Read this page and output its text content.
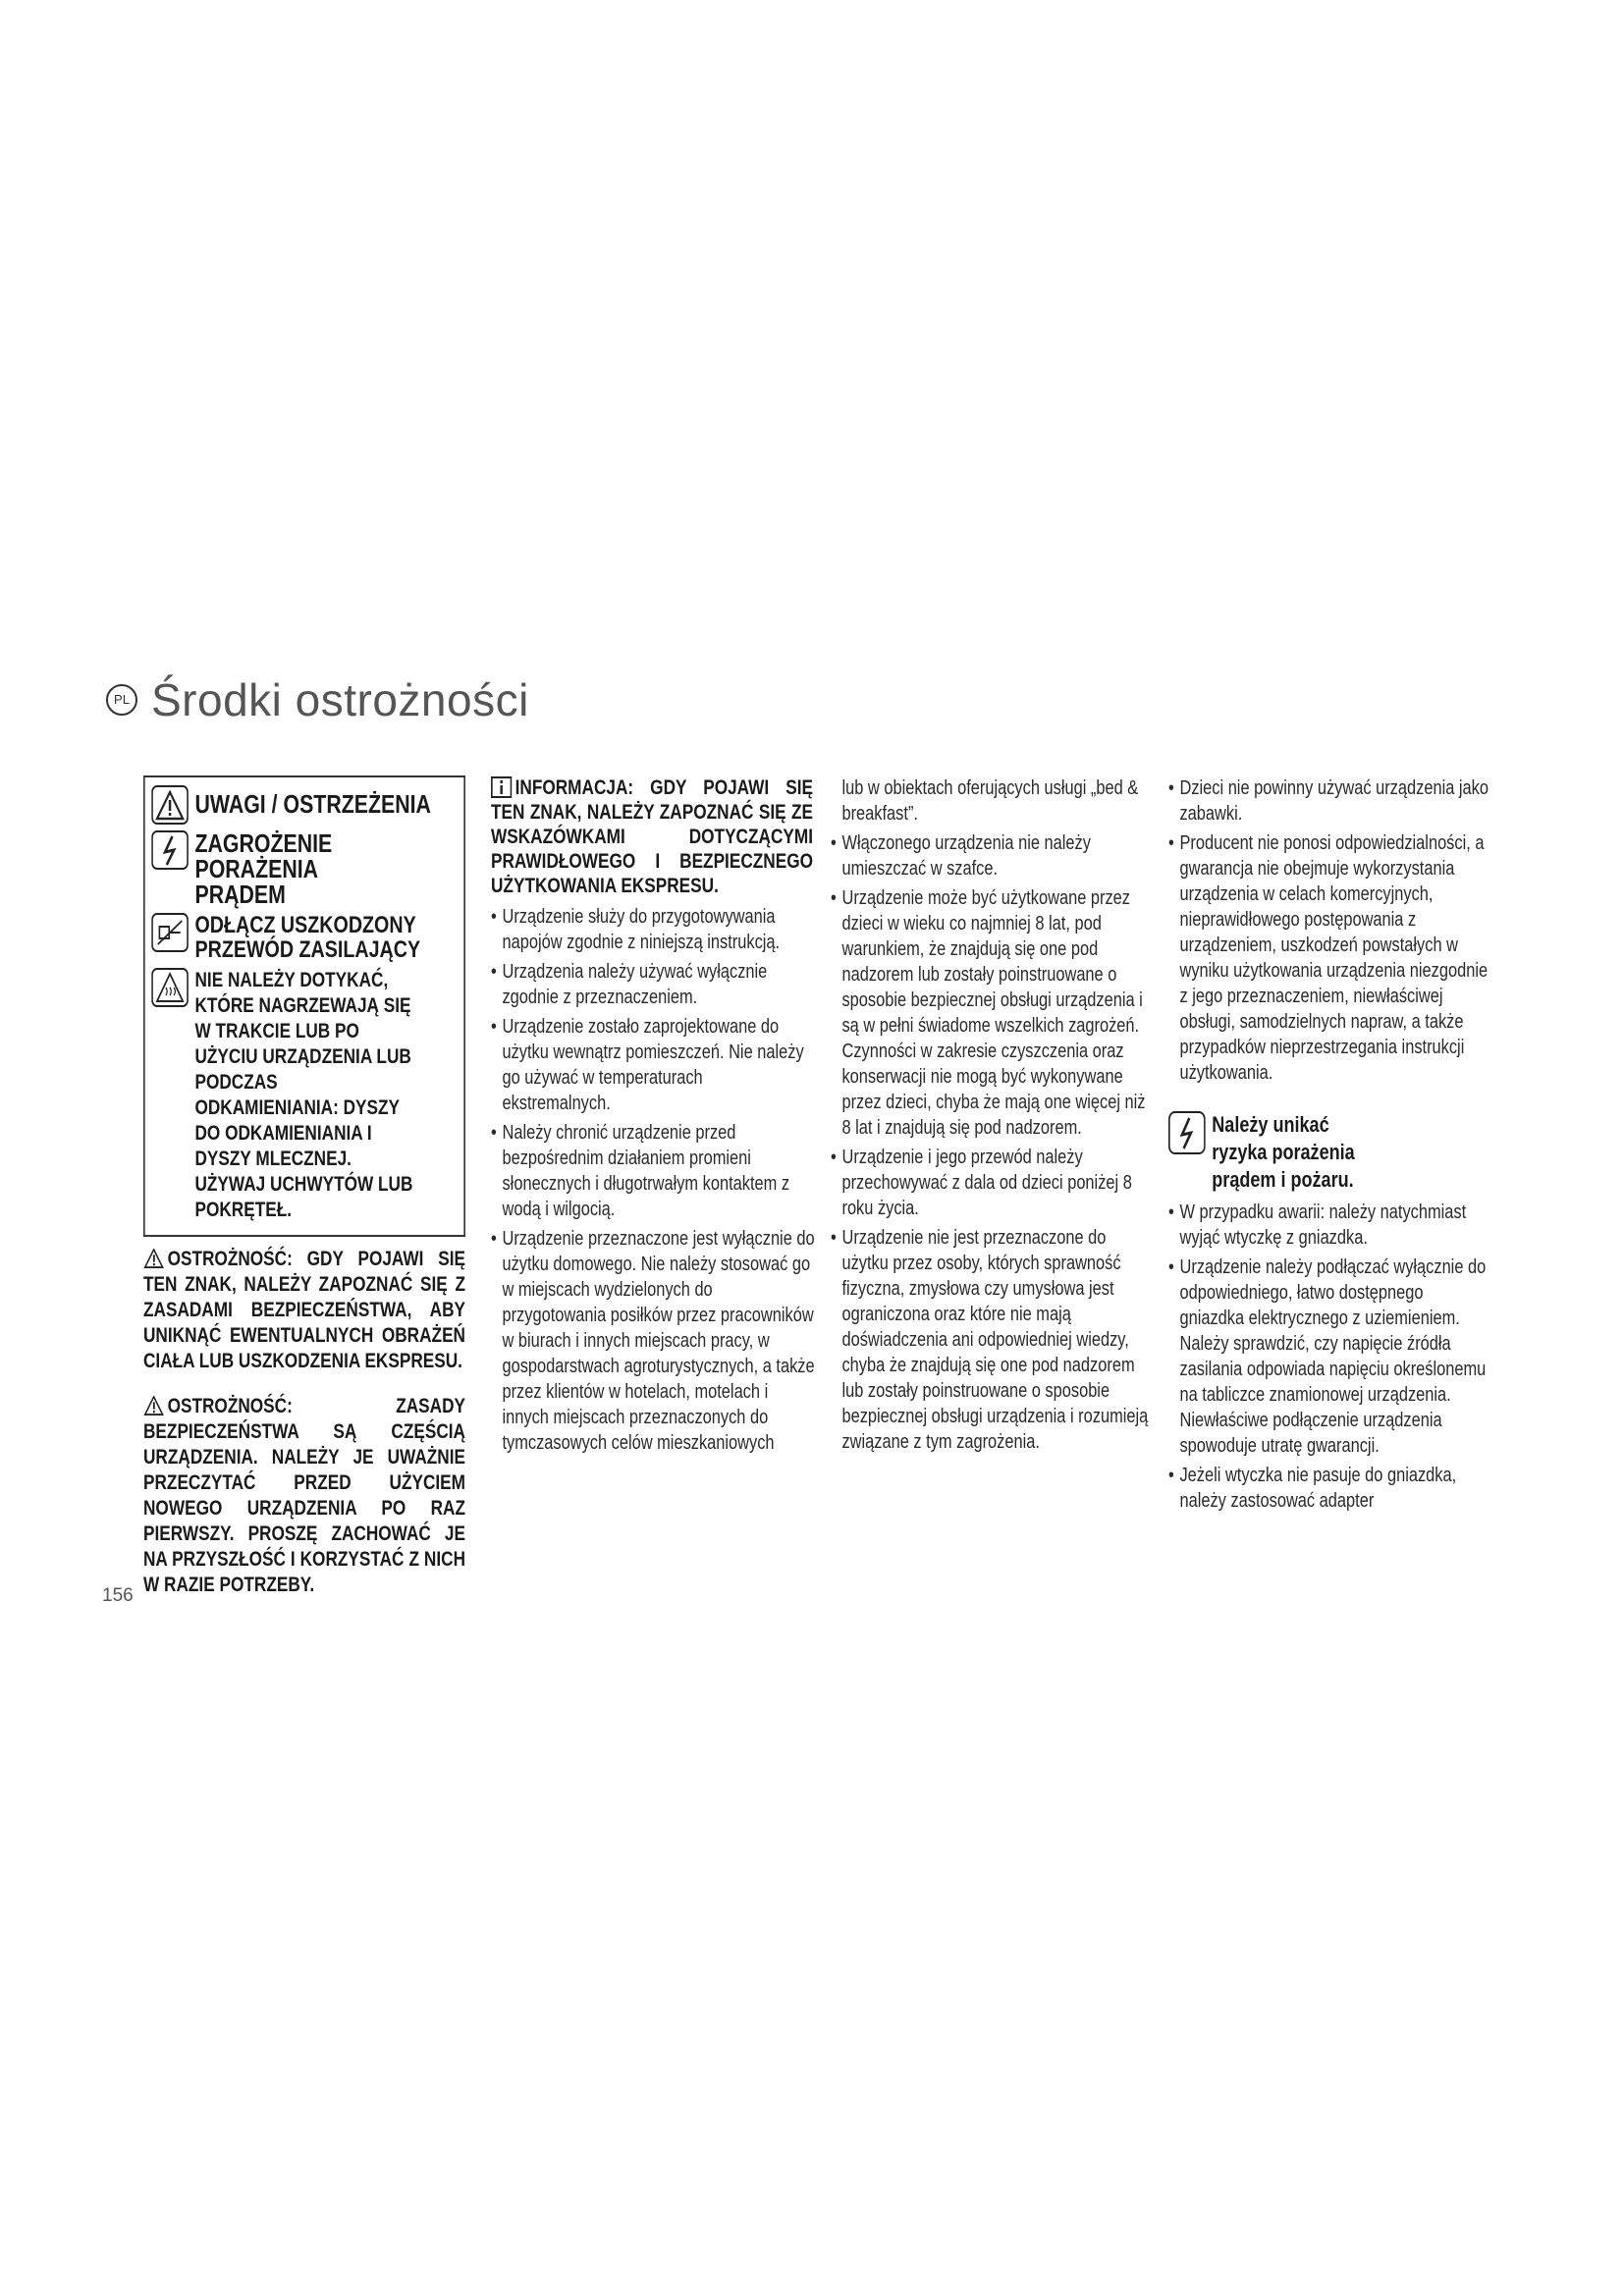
PL Środki ostrożności
UWAGI / OSTRZEŻENIA
ZAGROŻENIE PORAŻENIA PRĄDEM
ODŁĄCZ USZKODZONY PRZEWÓD ZASILAJĄCY
NIE NALEŻY DOTYKAĆ, KTÓRE NAGRZEWAJĄ SIĘ W TRAKCIE LUB PO UŻYCIU URZĄDZENIA LUB PODCZAS ODKAMIENIANIA: DYSZY DO ODKAMIENIANIA I DYSZY MLECZNEJ. UŻYWAJ UCHWYTÓW LUB POKRĘTEŁ.
OSTROŻNOŚĆ: GDY POJAWI SIĘ TEN ZNAK, NALEŻY ZAPOZNAĆ SIĘ Z ZASADAMI BEZPIECZEŃSTWA, ABY UNIKNĄĆ EWENTUALNYCH OBRAŻEŃ CIAŁA LUB USZKODZENIA EKSPRESU.
OSTROŻNOŚĆ: ZASADY BEZPIECZEŃSTWA SĄ CZĘŚCIĄ URZĄDZENIA. NALEŻY JE UWAŻNIE PRZECZYTAĆ PRZED UŻYCIEM NOWEGO URZĄDZENIA PO RAZ PIERWSZY. PROSZĘ ZACHOWAĆ JE NA PRZYSZŁOŚĆ I KORZYSTAĆ Z NICH W RAZIE POTRZEBY.
INFORMACJA: GDY POJAWI SIĘ TEN ZNAK, NALEŻY ZAPOZNAĆ SIĘ ZE WSKAZÓWKAMI DOTYCZĄCYMI PRAWIDŁOWEGO I BEZPIECZNEGO UŻYTKOWANIA EKSPRESU.
• Urządzenie służy do przygotowywania napojów zgodnie z niniejszą instrukcją.
• Urządzenia należy używać wyłącznie zgodnie z przeznaczeniem.
• Urządzenie zostało zaprojektowane do użytku wewnątrz pomieszczeń. Nie należy go używać w temperaturach ekstremalnych.
• Należy chronić urządzenie przed bezpośrednim działaniem promieni słonecznych i długotrwałym kontaktem z wodą i wilgocią.
• Urządzenie przeznaczone jest wyłącznie do użytku domowego. Nie należy stosować go w miejscach wydzielonych do przygotowania posiłków przez pracowników w biurach i innych miejscach pracy, w gospodarstwach agroturystycznych, a także przez klientów w hotelach, motelach i innych miejscach przeznaczonych do tymczasowych celów mieszkaniowych
lub w obiektach oferujących usługi „bed & breakfast”.
• Włączonego urządzenia nie należy umieszczać w szafce.
• Urządzenie może być użytkowane przez dzieci w wieku co najmniej 8 lat, pod warunkiem, że znajdują się one pod nadzorem lub zostały poinstruowane o sposobie bezpiecznej obsługi urządzenia i są w pełni świadome wszelkich zagrożeń. Czynności w zakresie czyszczenia oraz konserwacji nie mogą być wykonywane przez dzieci, chyba że mają one więcej niż 8 lat i znajdują się pod nadzorem.
• Urządzenie i jego przewód należy przechowywać z dala od dzieci poniżej 8 roku życia.
• Urządzenie nie jest przeznaczone do użytku przez osoby, których sprawność fizyczna, zmysłowa czy umysłowa jest ograniczona oraz które nie mają doświadczenia ani odpowiedniej wiedzy, chyba że znajdują się one pod nadzorem lub zostały poinstruowane o sposobie bezpiecznej obsługi urządzenia i rozumieją związane z tym zagrożenia.
• Dzieci nie powinny używać urządzenia jako zabawki.
• Producent nie ponosi odpowiedzialności, a gwarancja nie obejmuje wykorzystania urządzenia w celach komercyjnych, nieprawidłowego postępowania z urządzeniem, uszkodzeń powstałych w wyniku użytkowania urządzenia niezgodnie z jego przeznaczeniem, niewłaściwej obsługi, samodzielnych napraw, a także przypadków nieprzestrzegania instrukcji użytkowania.
Należy unikać ryzyka porażenia prądem i pożaru.
• W przypadku awarii: należy natychmiast wyjąć wtyczkę z gniazdka.
• Urządzenie należy podłączać wyłącznie do odpowiedniego, łatwo dostępnego gniazdka elektrycznego z uziemieniem. Należy sprawdzić, czy napięcie źródła zasilania odpowiada napięciu określonemu na tabliczce znamionowej urządzenia. Niewłaściwe podłączenie urządzenia spowoduje utratę gwarancji.
• Jeżeli wtyczka nie pasuje do gniazdka, należy zastosować adapter
156
